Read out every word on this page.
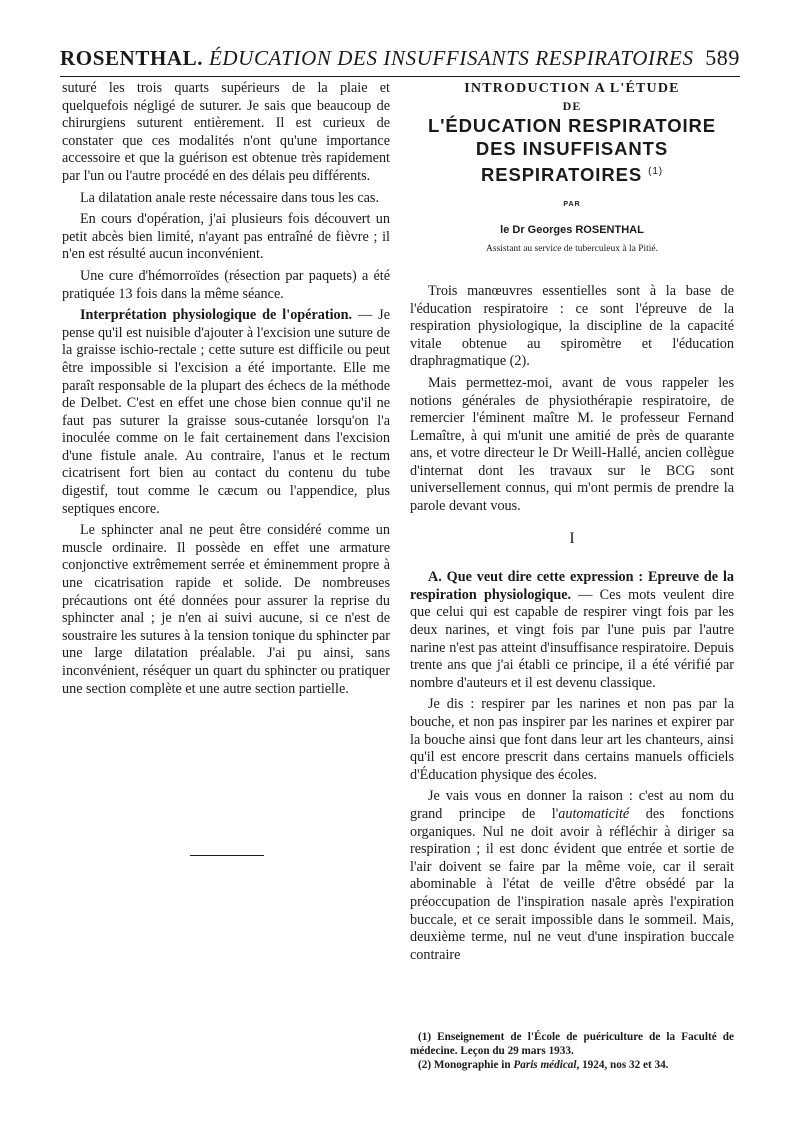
ROSENTHAL. ÉDUCATION DES INSUFFISANTS RESPIRATOIRES 589

suturé les trois quarts supérieurs de la plaie et quelquefois négligé de suturer. Je sais que beaucoup de chirurgiens suturent entièrement. Il est curieux de constater que ces modalités n'ont qu'une importance accessoire et que la guérison est obtenue très rapidement par l'un ou l'autre procédé en des délais peu différents.

La dilatation anale reste nécessaire dans tous les cas.

En cours d'opération, j'ai plusieurs fois découvert un petit abcès bien limité, n'ayant pas entraîné de fièvre ; il n'en est résulté aucun inconvénient.

Une cure d'hémorroïdes (résection par paquets) a été pratiquée 13 fois dans la même séance.

Interprétation physiologique de l'opération. — Je pense qu'il est nuisible d'ajouter à l'excision une suture de la graisse ischio-rectale ; cette suture est difficile ou peut être impossible si l'excision a été importante. Elle me paraît responsable de la plupart des échecs de la méthode de Delbet. C'est en effet une chose bien connue qu'il ne faut pas suturer la graisse sous-cutanée lorsqu'on l'a inoculée comme on le fait certainement dans l'excision d'une fistule anale. Au contraire, l'anus et le rectum cicatrisent fort bien au contact du contenu du tube digestif, tout comme le cæcum ou l'appendice, plus septiques encore.

Le sphincter anal ne peut être considéré comme un muscle ordinaire. Il possède en effet une armature conjonctive extrêmement serrée et éminemment propre à une cicatrisation rapide et solide. De nombreuses précautions ont été données pour assurer la reprise du sphincter anal ; je n'en ai suivi aucune, si ce n'est de soustraire les sutures à la tension tonique du sphincter par une large dilatation préalable. J'ai pu ainsi, sans inconvénient, réséquer un quart du sphincter ou pratiquer une section complète et une autre section partielle.

INTRODUCTION A L'ÉTUDE
DE
L'ÉDUCATION RESPIRATOIRE
DES INSUFFISANTS
RESPIRATOIRES $^{(1)}$
PAR
le Dr Georges ROSENTHAL
Assistant au service de tuberculeux à la Pitié.

Trois manœuvres essentielles sont à la base de l'éducation respiratoire : ce sont l'épreuve de la respiration physiologique, la discipline de la capacité vitale obtenue au spiromètre et l'éducation draphragmatique (2).

Mais permettez-moi, avant de vous rappeler les notions générales de physiothérapie respiratoire, de remercier l'éminent maître M. le professeur Fernand Lemaître, à qui m'unit une amitié de près de quarante ans, et votre directeur le Dr Weill-Hallé, ancien collègue d'internat dont les travaux sur le BCG sont universellement connus, qui m'ont permis de prendre la parole devant vous.

I

A. Que veut dire cette expression : Epreuve de la respiration physiologique. — Ces mots veulent dire que celui qui est capable de respirer vingt fois par les deux narines, et vingt fois par l'une puis par l'autre narine n'est pas atteint d'insuffisance respiratoire. Depuis trente ans que j'ai établi ce principe, il a été vérifié par nombre d'auteurs et il est devenu classique.

Je dis : respirer par les narines et non pas par la bouche, et non pas inspirer par les narines et expirer par la bouche ainsi que font dans leur art les chanteurs, ainsi qu'il est encore prescrit dans certains manuels officiels d'Éducation physique des écoles.

Je vais vous en donner la raison : c'est au nom du grand principe de l'automaticité des fonctions organiques. Nul ne doit avoir à réfléchir à diriger sa respiration ; il est donc évident que entrée et sortie de l'air doivent se faire par la même voie, car il serait abominable à l'état de veille d'être obsédé par la préoccupation de l'inspiration nasale après l'expiration buccale, et ce serait impossible dans le sommeil. Mais, deuxième terme, nul ne veut d'une inspiration buccale contraire

(1) Enseignement de l'École de puériculture de la Faculté de médecine. Leçon du 29 mars 1933.

(2) Monographie in Paris médical, 1924, nos 32 et 34.
